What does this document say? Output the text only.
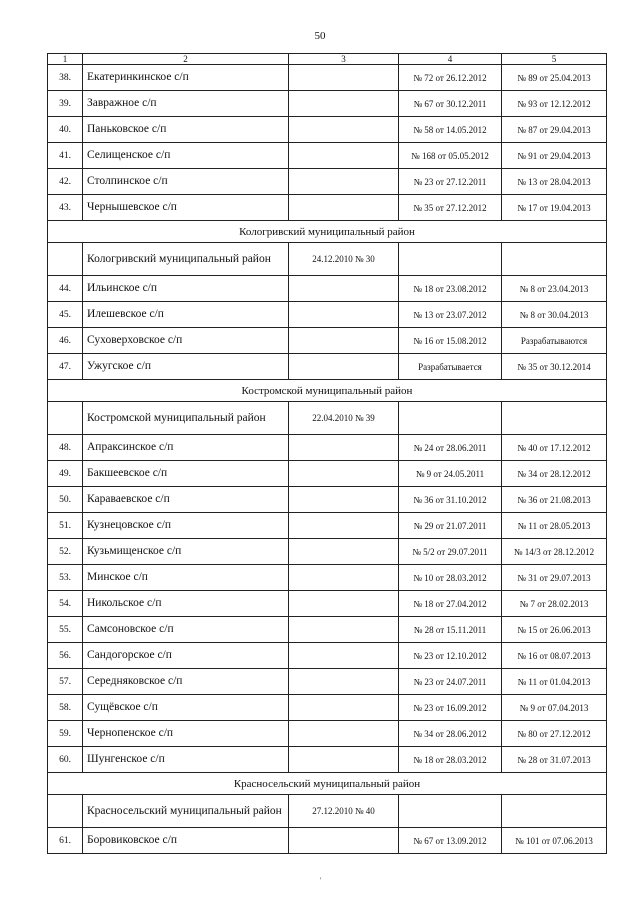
50
1	2	3	4	5
38.	Екатеринкинское с/п		№ 72 от 26.12.2012	№ 89 от 25.04.2013
39.	Завражное с/п		№ 67 от 30.12.2011	№ 93 от 12.12.2012
40.	Паньковское с/п		№ 58 от 14.05.2012	№ 87 от 29.04.2013
41.	Селищенское с/п		№ 168 от 05.05.2012	№ 91 от 29.04.2013
42.	Столпинское с/п		№ 23 от 27.12.2011	№ 13 от 28.04.2013
43.	Чернышевское с/п		№ 35 от 27.12.2012	№ 17 от 19.04.2013
Кологривский муниципальный район				
	Кологривский муниципальный район	24.12.2010 № 30		
44.	Ильинское с/п		№ 18 от 23.08.2012	№ 8 от 23.04.2013
45.	Илешевское с/п		№ 13 от 23.07.2012	№ 8 от 30.04.2013
46.	Суховерховское с/п		№ 16 от 15.08.2012	Разрабатываются
47.	Ужугское с/п		Разрабатывается	№ 35 от 30.12.2014
Костромской муниципальный район				
	Костромской муниципальный район	22.04.2010 № 39		
48.	Апраксинское с/п		№ 24 от 28.06.2011	№ 40 от 17.12.2012
49.	Бакшеевское с/п		№ 9 от 24.05.2011	№ 34 от 28.12.2012
50.	Караваевское с/п		№ 36 от 31.10.2012	№ 36 от 21.08.2013
51.	Кузнецовское с/п		№ 29 от 21.07.2011	№ 11 от 28.05.2013
52.	Кузьмищенское с/п		№ 5/2 от 29.07.2011	№ 14/3 от 28.12.2012
53.	Минское с/п		№ 10 от 28.03.2012	№ 31 от 29.07.2013
54.	Никольское с/п		№ 18 от 27.04.2012	№ 7 от 28.02.2013
55.	Самсоновское с/п		№ 28 от 15.11.2011	№ 15 от 26.06.2013
56.	Сандогорское с/п		№ 23 от 12.10.2012	№ 16 от 08.07.2013
57.	Середняковское с/п		№ 23 от 24.07.2011	№ 11 от 01.04.2013
58.	Сущёвское с/п		№ 23 от 16.09.2012	№ 9 от 07.04.2013
59.	Чернопенское с/п		№ 34 от 28.06.2012	№ 80 от 27.12.2012
60.	Шунгенское с/п		№ 18 от 28.03.2012	№ 28 от 31.07.2013
Красносельский муниципальный район				
	Красносельский муниципальный район	27.12.2010 № 40		
61.	Боровиковское с/п		№ 67 от 13.09.2012	№ 101 от 07.06.2013
'
